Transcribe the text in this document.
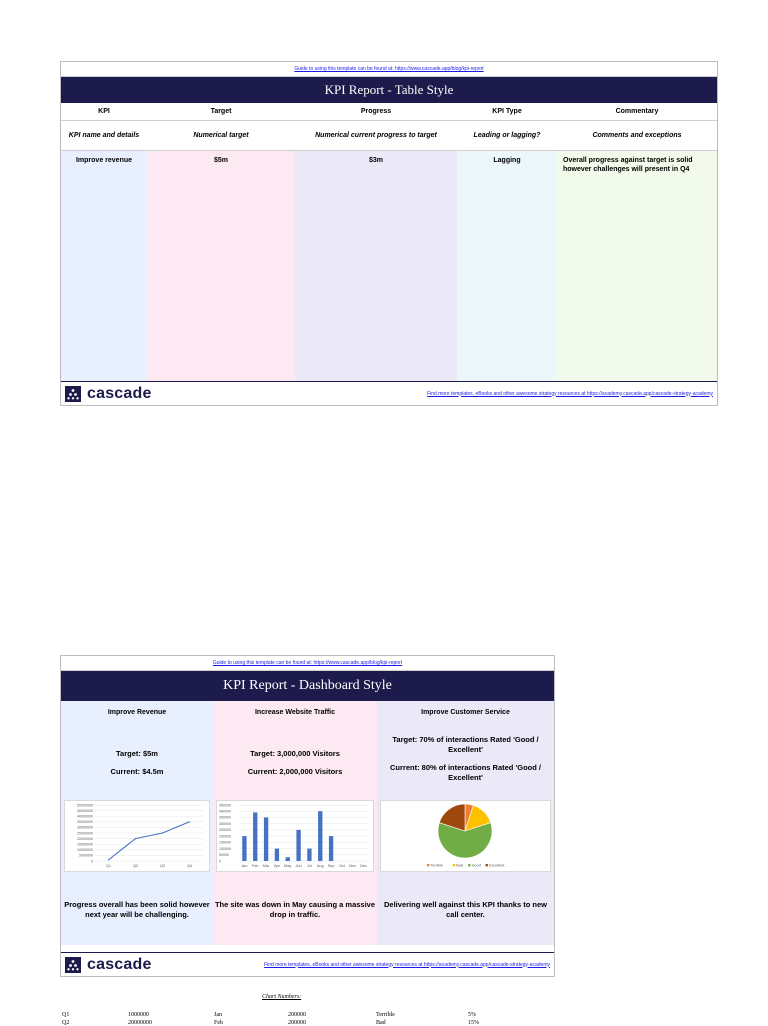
Guide to using this template can be found at: https://www.cascade.app/blog/kpi-report
KPI Report - Table Style
KPI	Target	Progress	KPI Type	Commentary
KPI name and details	Numerical target	Numerical current progress to target	Leading or lagging?	Comments and exceptions
Improve revenue	$5m	$3m	Lagging	Overall progress against target is solid however challenges will present in Q4
cascade	Find more templates, eBooks and other awesome strategy resources at https://academy.cascade.app/cascade-strategy-academy
Guide to using this template can be found at: https://www.cascade.app/blog/kpi-report
KPI Report - Dashboard Style
Improve Revenue
Target: $5m
Current: $4.5m
50000000
45000000
40000000
35000000
30000000
25000000
20000000
15000000
10000000
5000000
0
Q1	Q2	Q3	Q4
Progress overall has been solid however next year will be challenging.
Increase Website Traffic
Target: 3,000,000 Visitors
Current: 2,000,000 Visitors
450000
400000
350000
300000
250000
200000
150000
100000
50000
0
Jan Feb Mar Apr May Jun Jul Aug Sep Oct Nov Dec
The site was down in May causing a massive drop in traffic.
Improve Customer Service
Target: 70% of interactions Rated 'Good / Excellent'
Current: 80% of interactions Rated 'Good / Excellent'
Terrible	Bad Good Excellent
Delivering well against this KPI thanks to new call center.
cascade	Find more templates, eBooks and other awesome strategy resources at https://academy.cascade.app/cascade-strategy-academy
Chart Numbers:
Q1	1000000	Jan	200000	Terrible	5%
Q2	20000000	Feb	200000	Bad	15%
